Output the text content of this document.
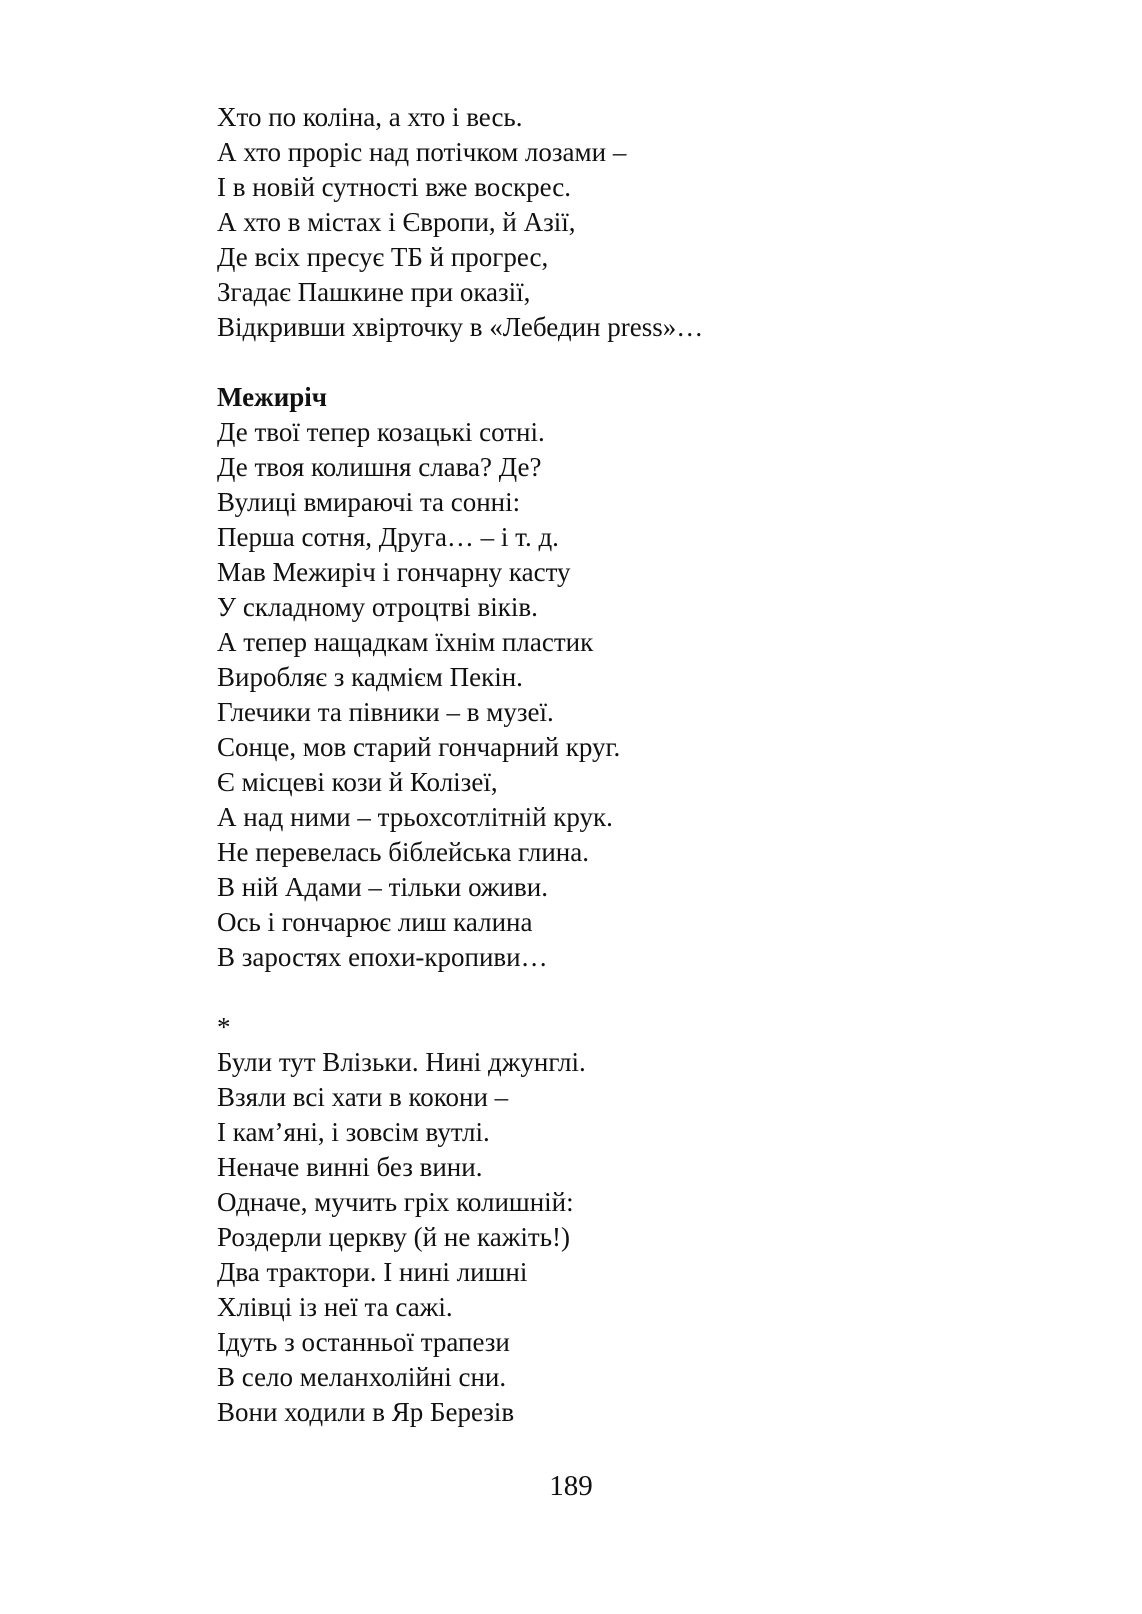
Хто по коліна, а хто і весь.
А хто проріс над потічком лозами –
І в новій сутності вже воскрес.
А хто в містах і Європи, й Азії,
Де всіх пресує ТБ й прогрес,
Згадає Пашкине при оказії,
Відкривши хвірточку в «Лебедин press»…
Межиріч
Де твої тепер козацькі сотні.
Де твоя колишня слава? Де?
Вулиці вмираючі та сонні:
Перша сотня, Друга… – і т. д.
Мав Межиріч і гончарну касту
У складному отроцтві віків.
А тепер нащадкам їхнім пластик
Виробляє з кадмієм Пекін.
Глечики та півники – в музеї.
Сонце, мов старий гончарний круг.
Є місцеві кози й Колізеї,
А над ними – трьохсотлітній крук.
Не перевелась біблейська глина.
В ній Адами – тільки оживи.
Ось і гончарює лиш калина
В заростях епохи-кропиви…
*
Були тут Влізьки. Нині джунглі.
Взяли всі хати в кокони –
І кам’яні, і зовсім вутлі.
Неначе винні без вини.
Одначе, мучить гріх колишній:
Роздерли церкву (й не кажіть!)
Два трактори. І нині лишні
Хлівці із неї та сажі.
Ідуть з останньої трапези
В село меланхолійні сни.
Вони ходили в Яр Березів
189
